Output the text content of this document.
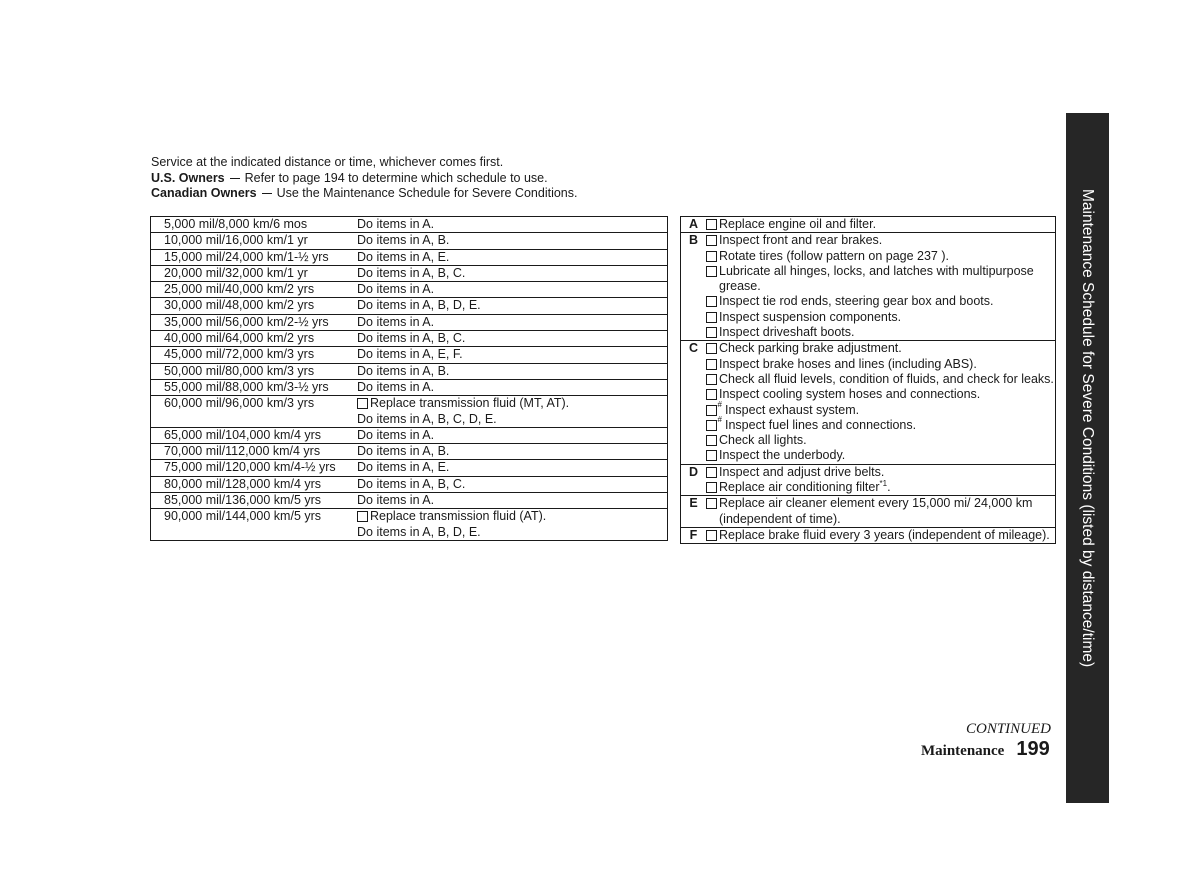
Service at the indicated distance or time, whichever comes first.
U.S. Owners Refer to page 194 to determine which schedule to use.
Canadian Owners Use the Maintenance Schedule for Severe Conditions.
5,000 mil/8,000 km/6 mos	Do items in A.
10,000 mil/16,000 km/1 yr	Do items in A, B.
15,000 mil/24,000 km/1-½ yrs	Do items in A, E.
20,000 mil/32,000 km/1 yr	Do items in A, B, C.
25,000 mil/40,000 km/2 yrs	Do items in A.
30,000 mil/48,000 km/2 yrs	Do items in A, B, D, E.
35,000 mil/56,000 km/2-½ yrs	Do items in A.
40,000 mil/64,000 km/2 yrs	Do items in A, B, C.
45,000 mil/72,000 km/3 yrs	Do items in A, E, F.
50,000 mil/80,000 km/3 yrs	Do items in A, B.
55,000 mil/88,000 km/3-½ yrs	Do items in A.
60,000 mil/96,000 km/3 yrs	Replace transmission fluid (MT, AT).
Do items in A, B, C, D, E.
65,000 mil/104,000 km/4 yrs	Do items in A.
70,000 mil/112,000 km/4 yrs	Do items in A, B.
75,000 mil/120,000 km/4-½ yrs	Do items in A, E.
80,000 mil/128,000 km/4 yrs	Do items in A, B, C.
85,000 mil/136,000 km/5 yrs	Do items in A.
90,000 mil/144,000 km/5 yrs	Replace transmission fluid (AT).
Do items in A, B, D, E.
A	Replace engine oil and filter.
B	Inspect front and rear brakes.
Rotate tires (follow pattern on page 237 ).
Lubricate all hinges, locks, and latches with multipurpose grease.
Inspect tie rod ends, steering gear box and boots.
Inspect suspension components.
Inspect driveshaft boots.
C	Check parking brake adjustment.
Inspect brake hoses and lines (including ABS).
Check all fluid levels, condition of fluids, and check for leaks.
Inspect cooling system hoses and connections.
#
Inspect exhaust system.
#
Inspect fuel lines and connections.
Check all lights.
Inspect the underbody.
D	Inspect and adjust drive belts.
Replace air conditioning filter$^{*1}$.
E	Replace air cleaner element every 15,000 mi/ 24,000 km (independent of time).
F	Replace brake fluid every 3 years (independent of mileage).
CONTINUED
Maintenance 199
Maintenance Schedule for Severe Conditions (listed by distance/time)
